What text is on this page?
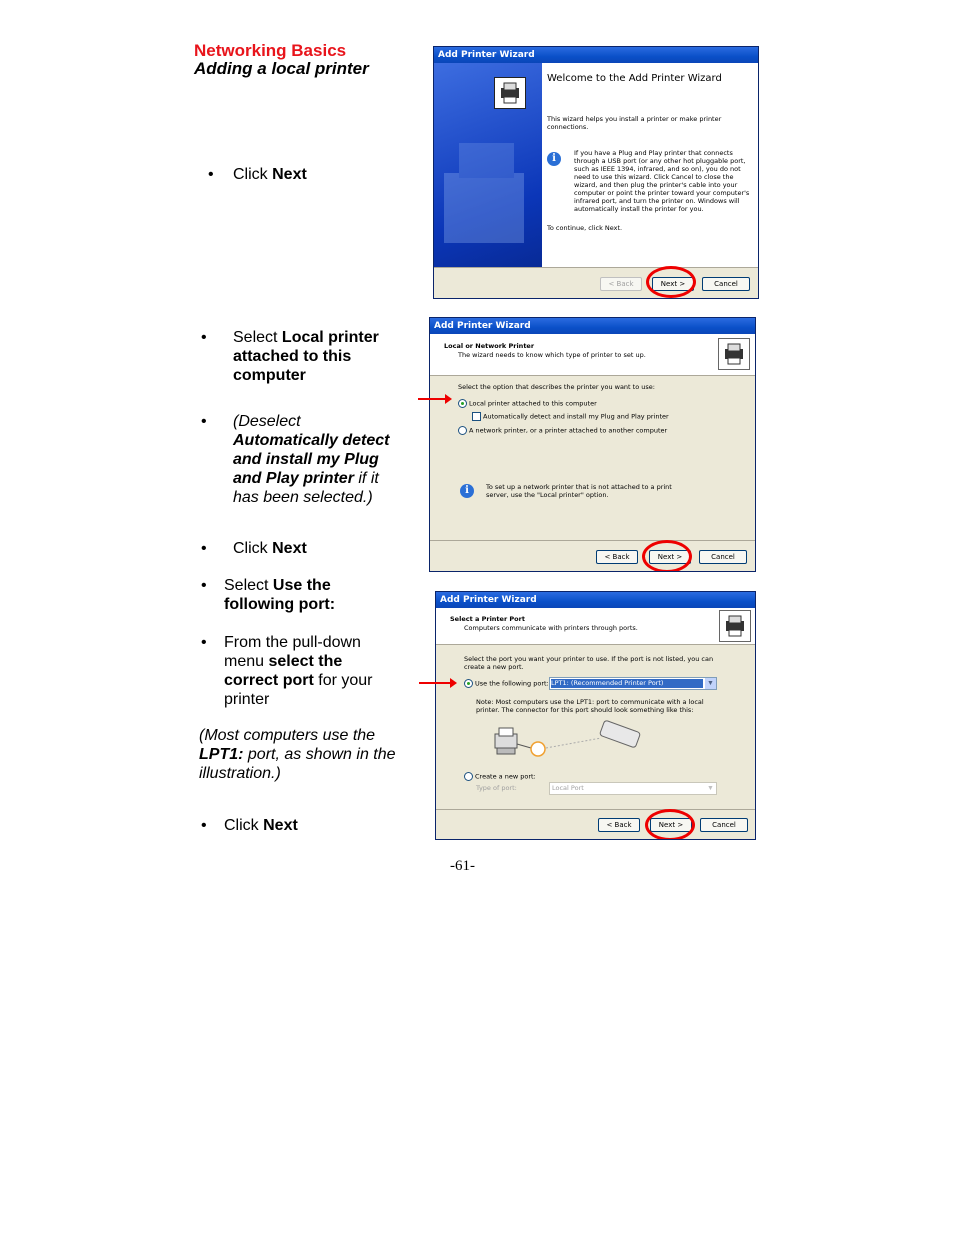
Networking Basics
Adding a local printer
• Click Next
• Select Local printer attached to this computer
• (Deselect Automatically detect and install my Plug and Play printer if it has been selected.)
• Click Next
• Select Use the following port:
• From the pull-down menu select the correct port for your printer
(Most computers use the LPT1: port, as shown in the illustration.)
• Click Next
-61-
Add Printer Wizard
Welcome to the Add Printer Wizard
This wizard helps you install a printer or make printer connections.
i	If you have a Plug and Play printer that connects through a USB port (or any other hot pluggable port, such as IEEE 1394, infrared, and so on), you do not need to use this wizard. Click Cancel to close the wizard, and then plug the printer's cable into your computer or point the printer toward your computer's infrared port, and turn the printer on. Windows will automatically install the printer for you.
To continue, click Next.
< Back	Next >	Cancel
Add Printer Wizard
Local or Network Printer
The wizard needs to know which type of printer to set up.
Select the option that describes the printer you want to use:
Local printer attached to this computer
Automatically detect and install my Plug and Play printer
A network printer, or a printer attached to another computer
i	To set up a network printer that is not attached to a print server, use the "Local printer" option.
< Back	Next >	Cancel
Add Printer Wizard
Select a Printer Port
Computers communicate with printers through ports.
Select the port you want your printer to use. If the port is not listed, you can create a new port.
Use the following port: LPT1: (Recommended Printer Port)	▼
Note: Most computers use the LPT1: port to communicate with a local printer. The connector for this port should look something like this:
Create a new port:
Type of port:	Local Port	▼
< Back	Next >	Cancel
